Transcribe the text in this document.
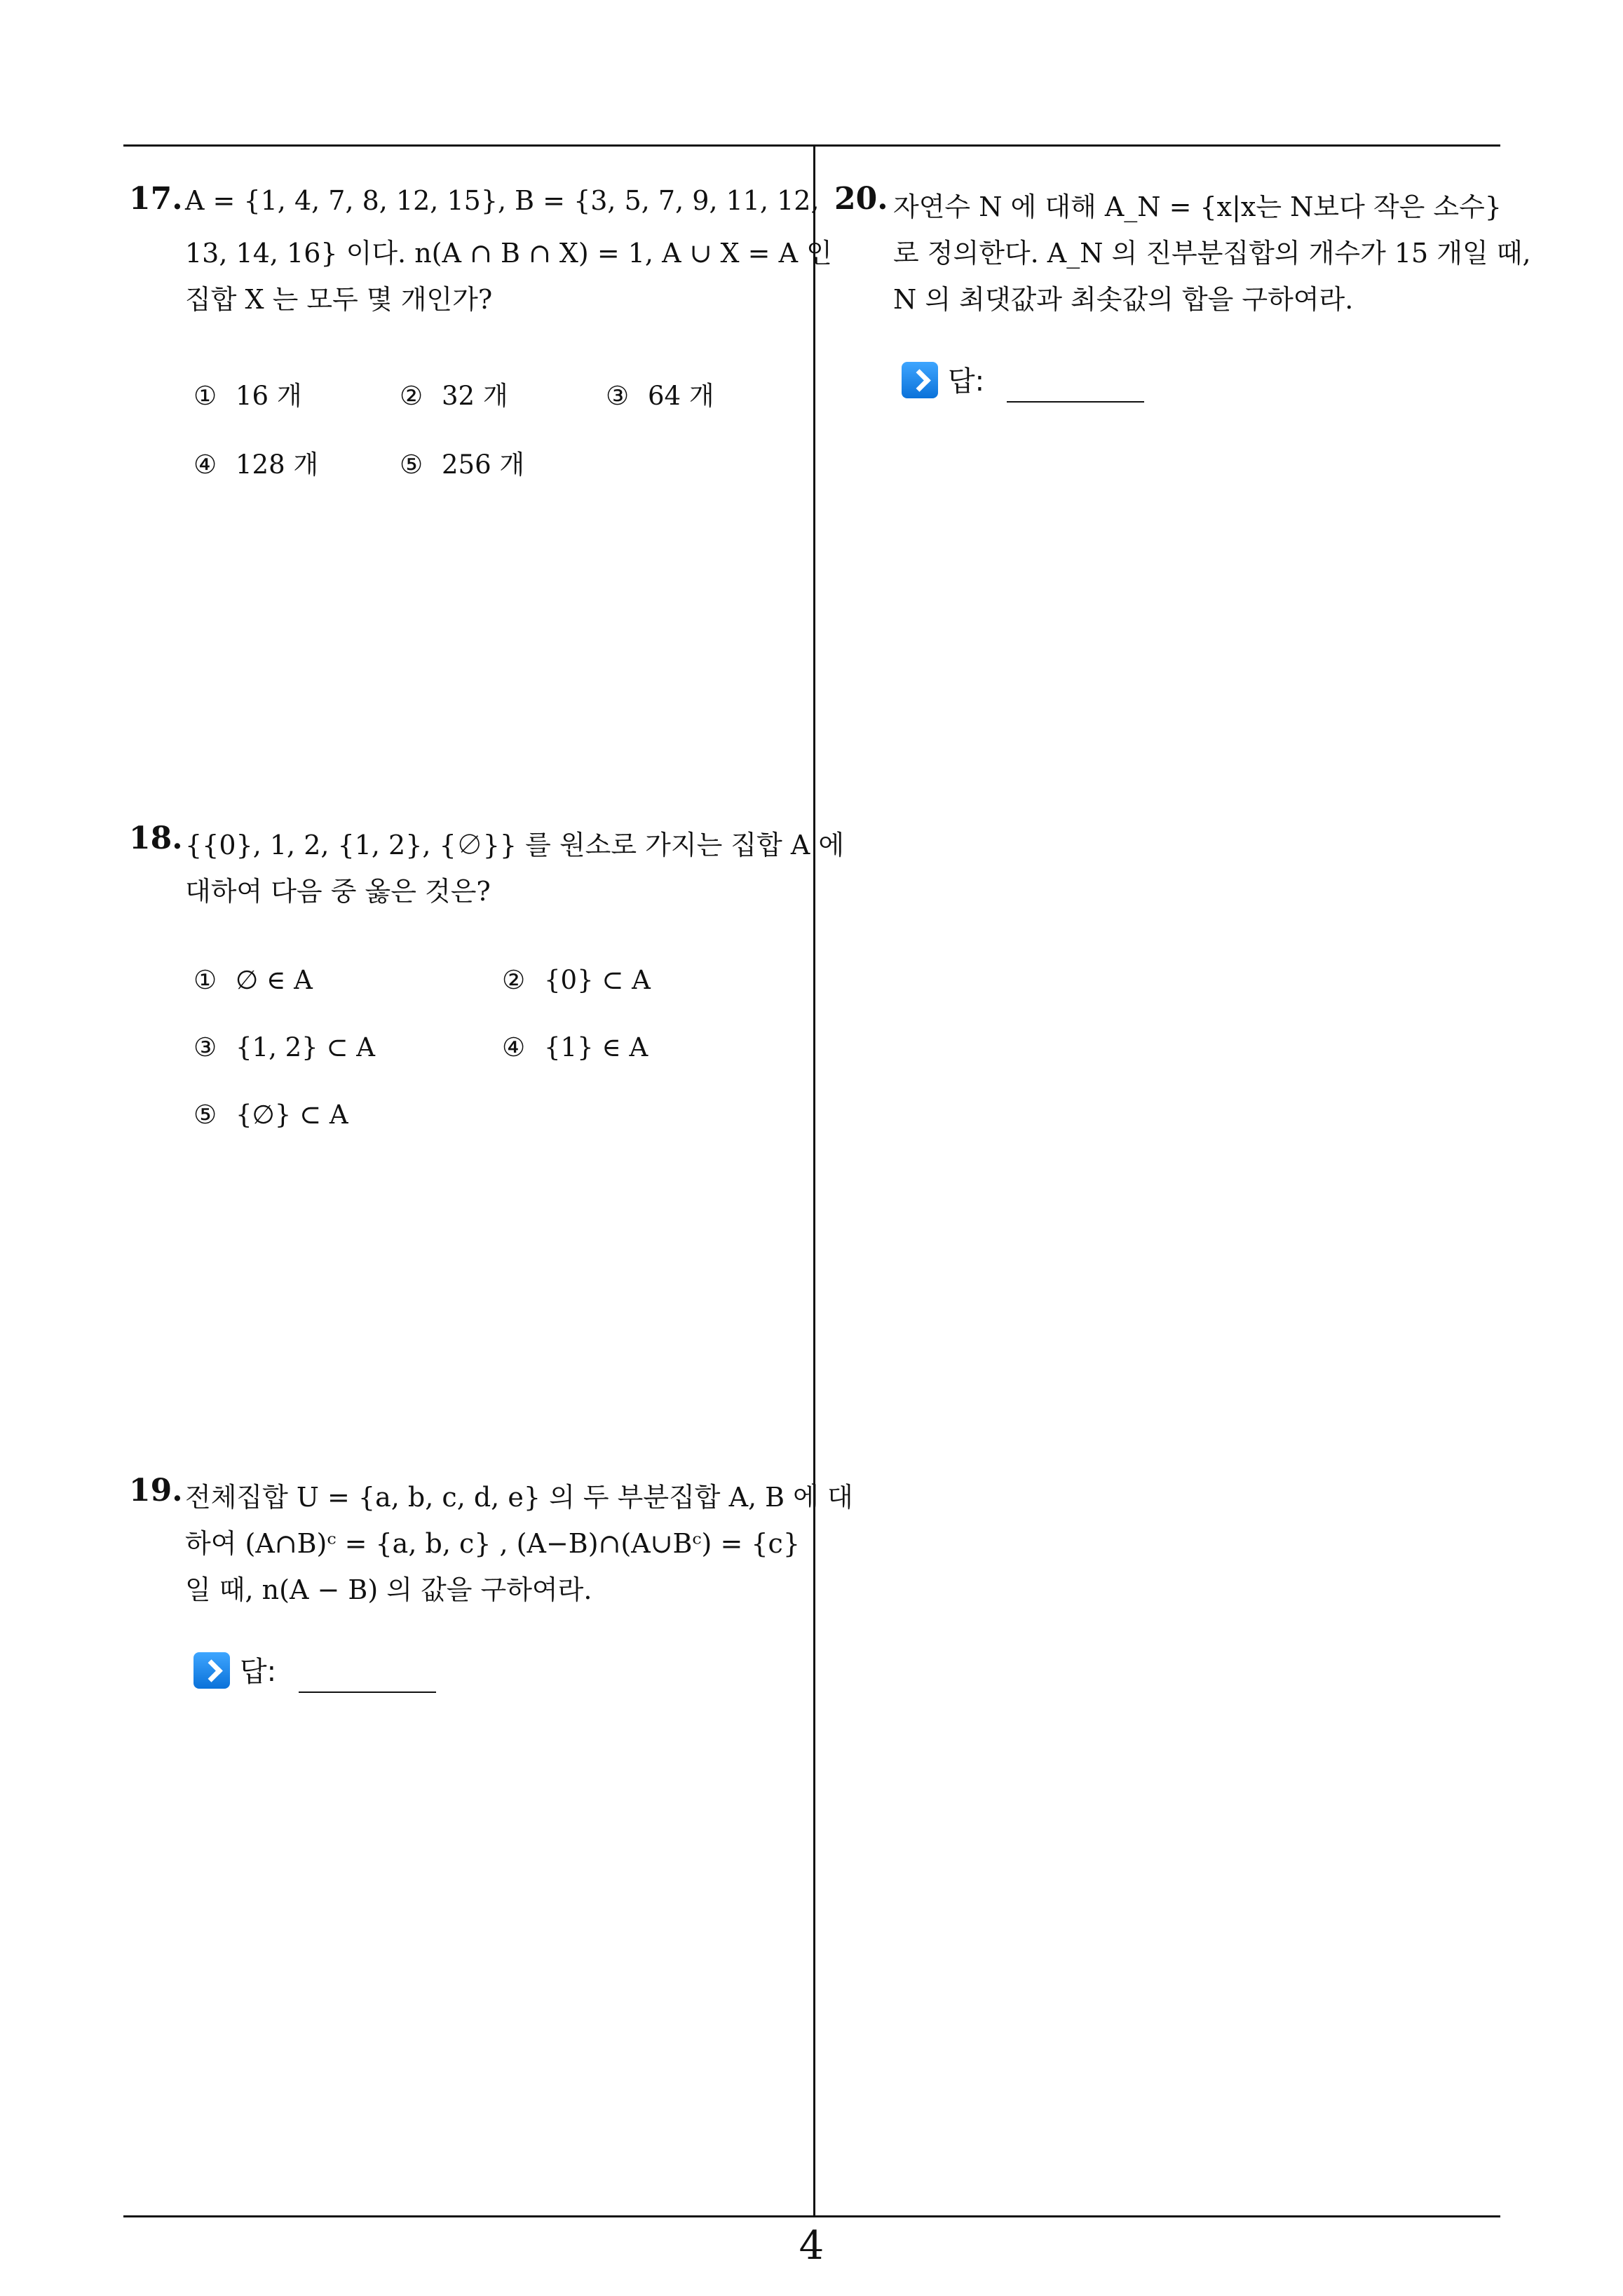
17. A = {1, 4, 7, 8, 12, 15}, B = {3, 5, 7, 9, 11, 12,
13, 14, 16} 이다. n(A ∩ B ∩ X) = 1, A ∪ X = A 인
집합 X 는 모두 몇 개인가?
① 16 개	② 32 개	③ 64 개
④ 128 개	⑤ 256 개
18. {{0}, 1, 2, {1, 2}, {∅}} 를 원소로 가지는 집합 A 에
대하여 다음 중 옳은 것은?
① ∅ ∈ A	② {0} ⊂ A
③ {1, 2} ⊂ A	④ {1} ∈ A
⑤ {∅} ⊂ A
19. 전체집합 U = {a, b, c, d, e} 의 두 부분집합 A, B 에 대
하여 (A∩B)ᶜ = {a, b, c} , (A−B)∩(A∪Bᶜ) = {c}
일 때, n(A − B) 의 값을 구하여라.
답:
20. 자연수 N 에 대해 A_N = {x|x는 N보다 작은 소수}
로 정의한다. A_N 의 진부분집합의 개수가 15 개일 때,
N 의 최댓값과 최솟값의 합을 구하여라.
답:
4
